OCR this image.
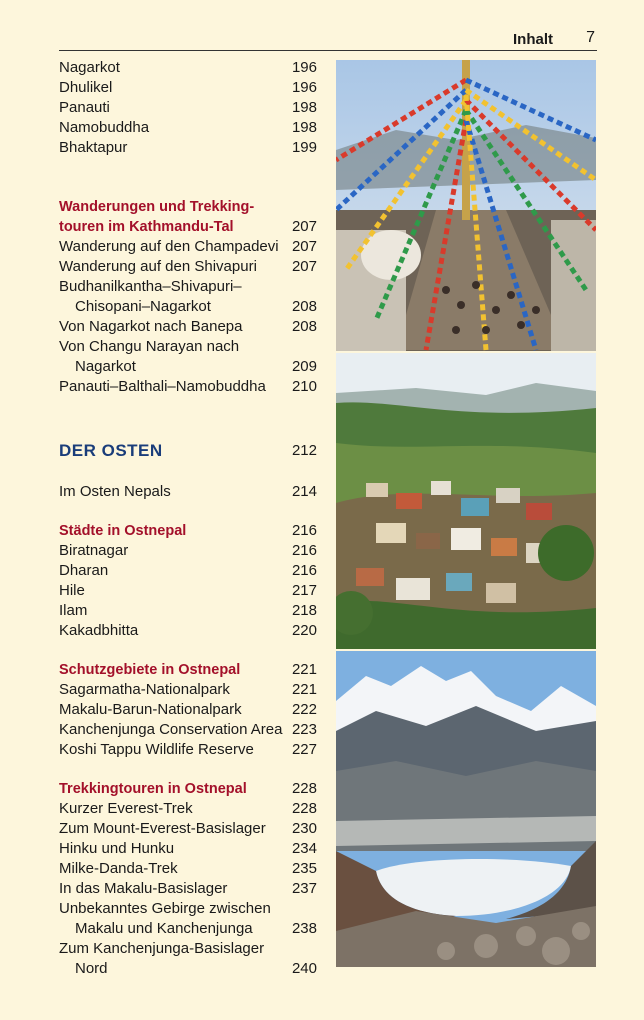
Inhalt 7
Nagarkot	196
Dhulikel	196
Panauti	198
Namobuddha	198
Bhaktapur	199
Wanderungen und Trekking-
touren im Kathmandu-Tal	207
Wanderung auf den Champadevi 207
Wanderung auf den Shivapuri 207
Budhanilkantha–Shivapuri–
Chisopani–Nagarkot	208
Von Nagarkot nach Banepa	208
Von Changu Narayan nach
Nagarkot	209
Panauti–Balthali–Namobuddha 210
DER OSTEN	212
Im Osten Nepals	214
Städte in Ostnepal	216
Biratnagar	216
Dharan	216
Hile	217
Ilam	218
Kakadbhitta	220
Schutzgebiete in Ostnepal	221
Sagarmatha-Nationalpark	221
Makalu-Barun-Nationalpark	222
Kanchenjunga Conservation Area 223
Koshi Tappu Wildlife Reserve	227
Trekkingtouren in Ostnepal	228
Kurzer Everest-Trek	228
Zum Mount-Everest-Basislager 230
Hinku und Hunku	234
Milke-Danda-Trek	235
In das Makalu-Basislager	237
Unbekanntes Gebirge zwischen
Makalu und Kanchenjunga	238
Zum Kanchenjunga-Basislager
Nord	240
